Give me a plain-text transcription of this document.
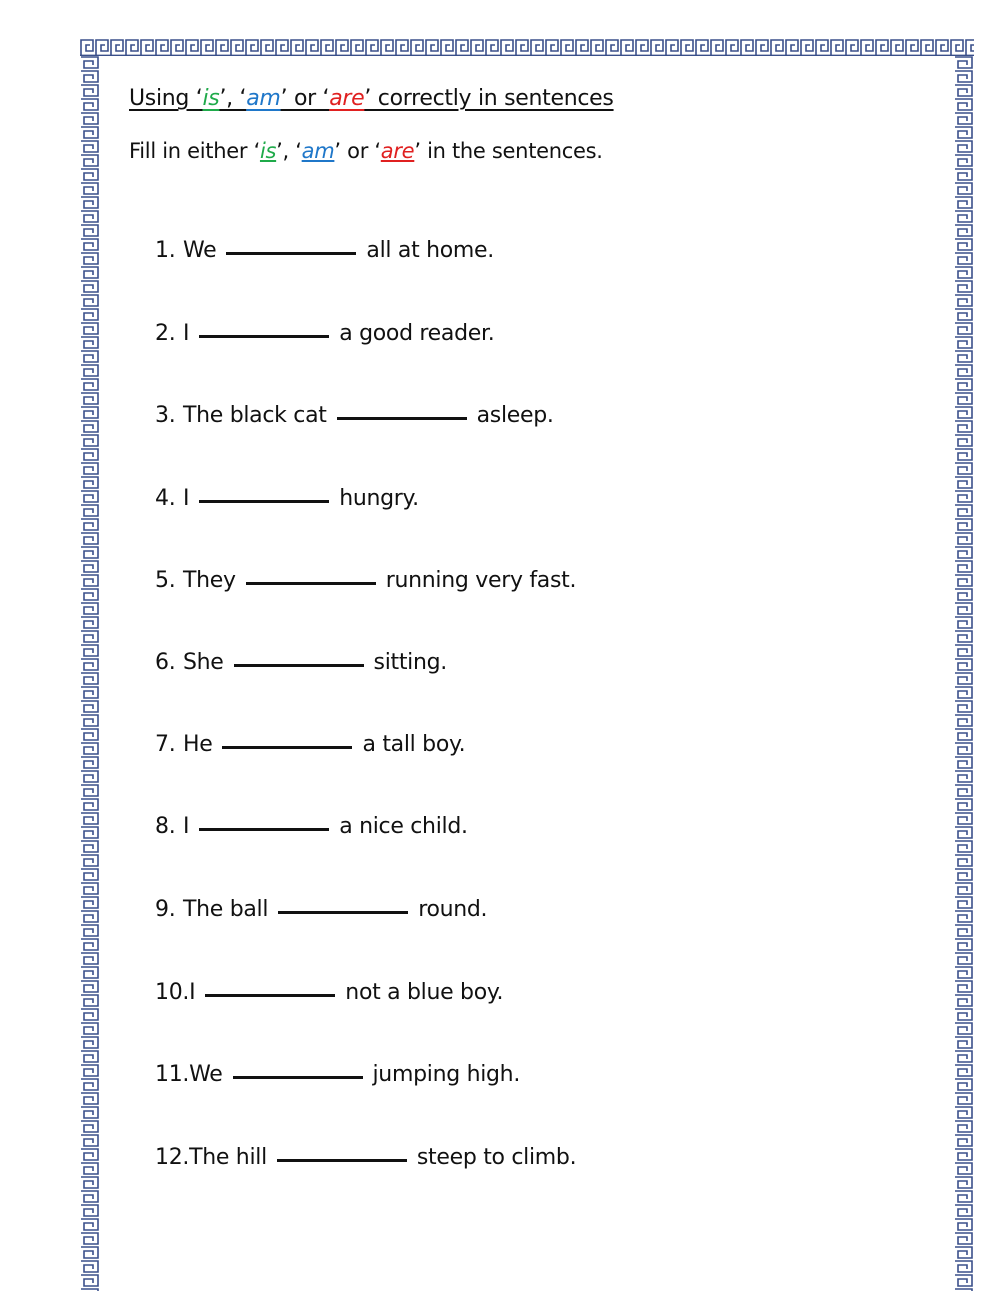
Using ‘is’, ‘am’ or ‘are’ correctly in sentences
Fill in either ‘is’, ‘am’ or ‘are’ in the sentences.
1. We	all at home.
2. I	a good reader.
3. The black cat	asleep.
4. I	hungry.
5. They	running very fast.
6. She	sitting.
7. He	a tall boy.
8. I	a nice child.
9. The ball	round.
10. I	not a blue boy.
11. We	jumping high.
12. The hill	steep to climb.
